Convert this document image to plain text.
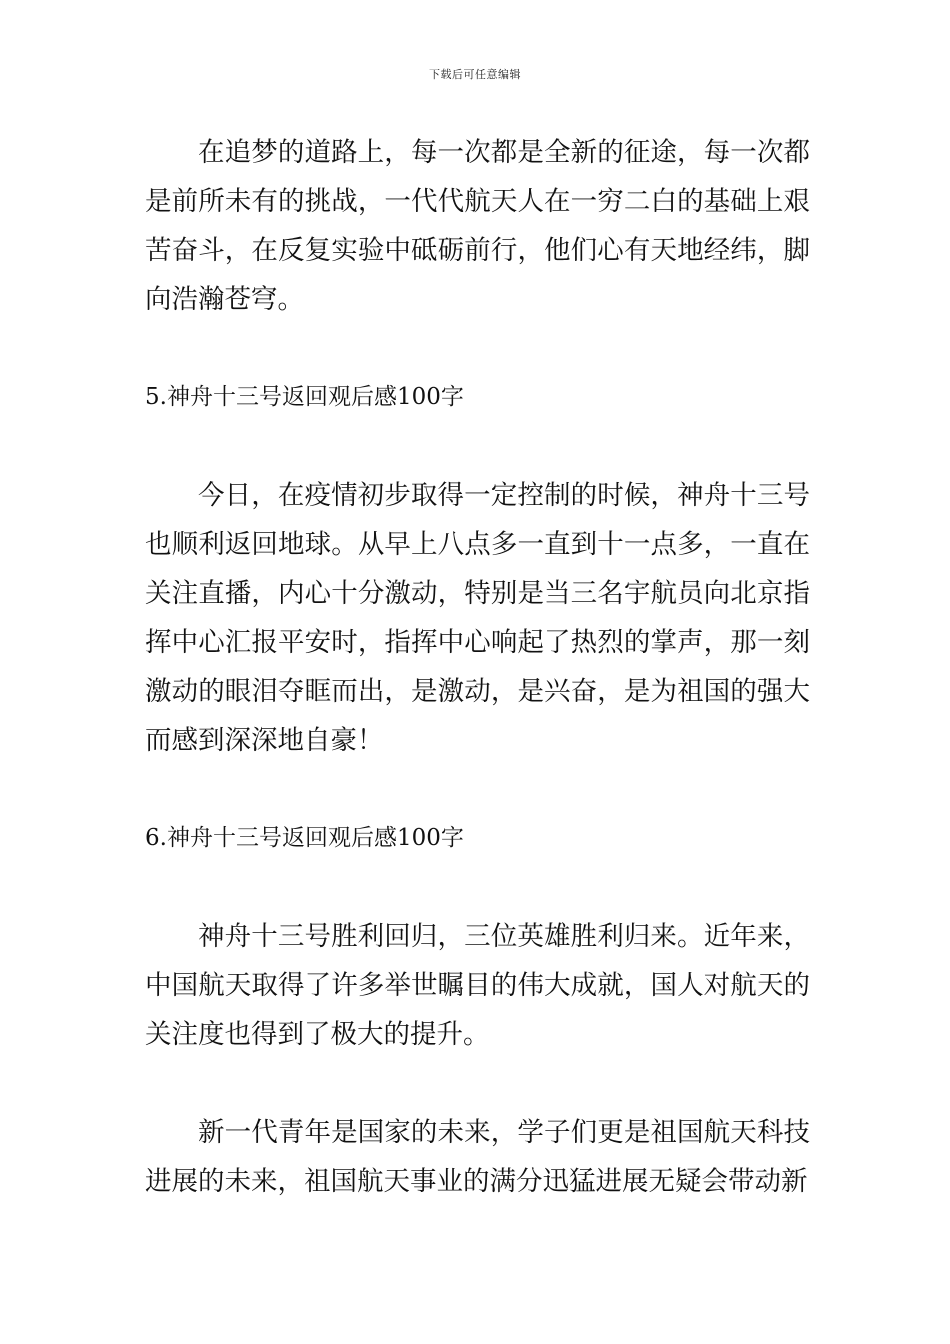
下载后可任意编辑

在追梦的道路上，每一次都是全新的征途，每一次都是前所未有的挑战，一代代航天人在一穷二白的基础上艰苦奋斗，在反复实验中砥砺前行，他们心有天地经纬，脚向浩瀚苍穹。

5.神舟十三号返回观后感100字

今日，在疫情初步取得一定控制的时候，神舟十三号也顺利返回地球。从早上八点多一直到十一点多，一直在关注直播，内心十分激动，特别是当三名宇航员向北京指挥中心汇报平安时，指挥中心响起了热烈的掌声，那一刻激动的眼泪夺眶而出，是激动，是兴奋，是为祖国的强大而感到深深地自豪！

6.神舟十三号返回观后感100字

神舟十三号胜利回归，三位英雄胜利归来。近年来，中国航天取得了许多举世瞩目的伟大成就，国人对航天的关注度也得到了极大的提升。

新一代青年是国家的未来，学子们更是祖国航天科技进展的未来，祖国航天事业的满分迅猛进展无疑会带动新
